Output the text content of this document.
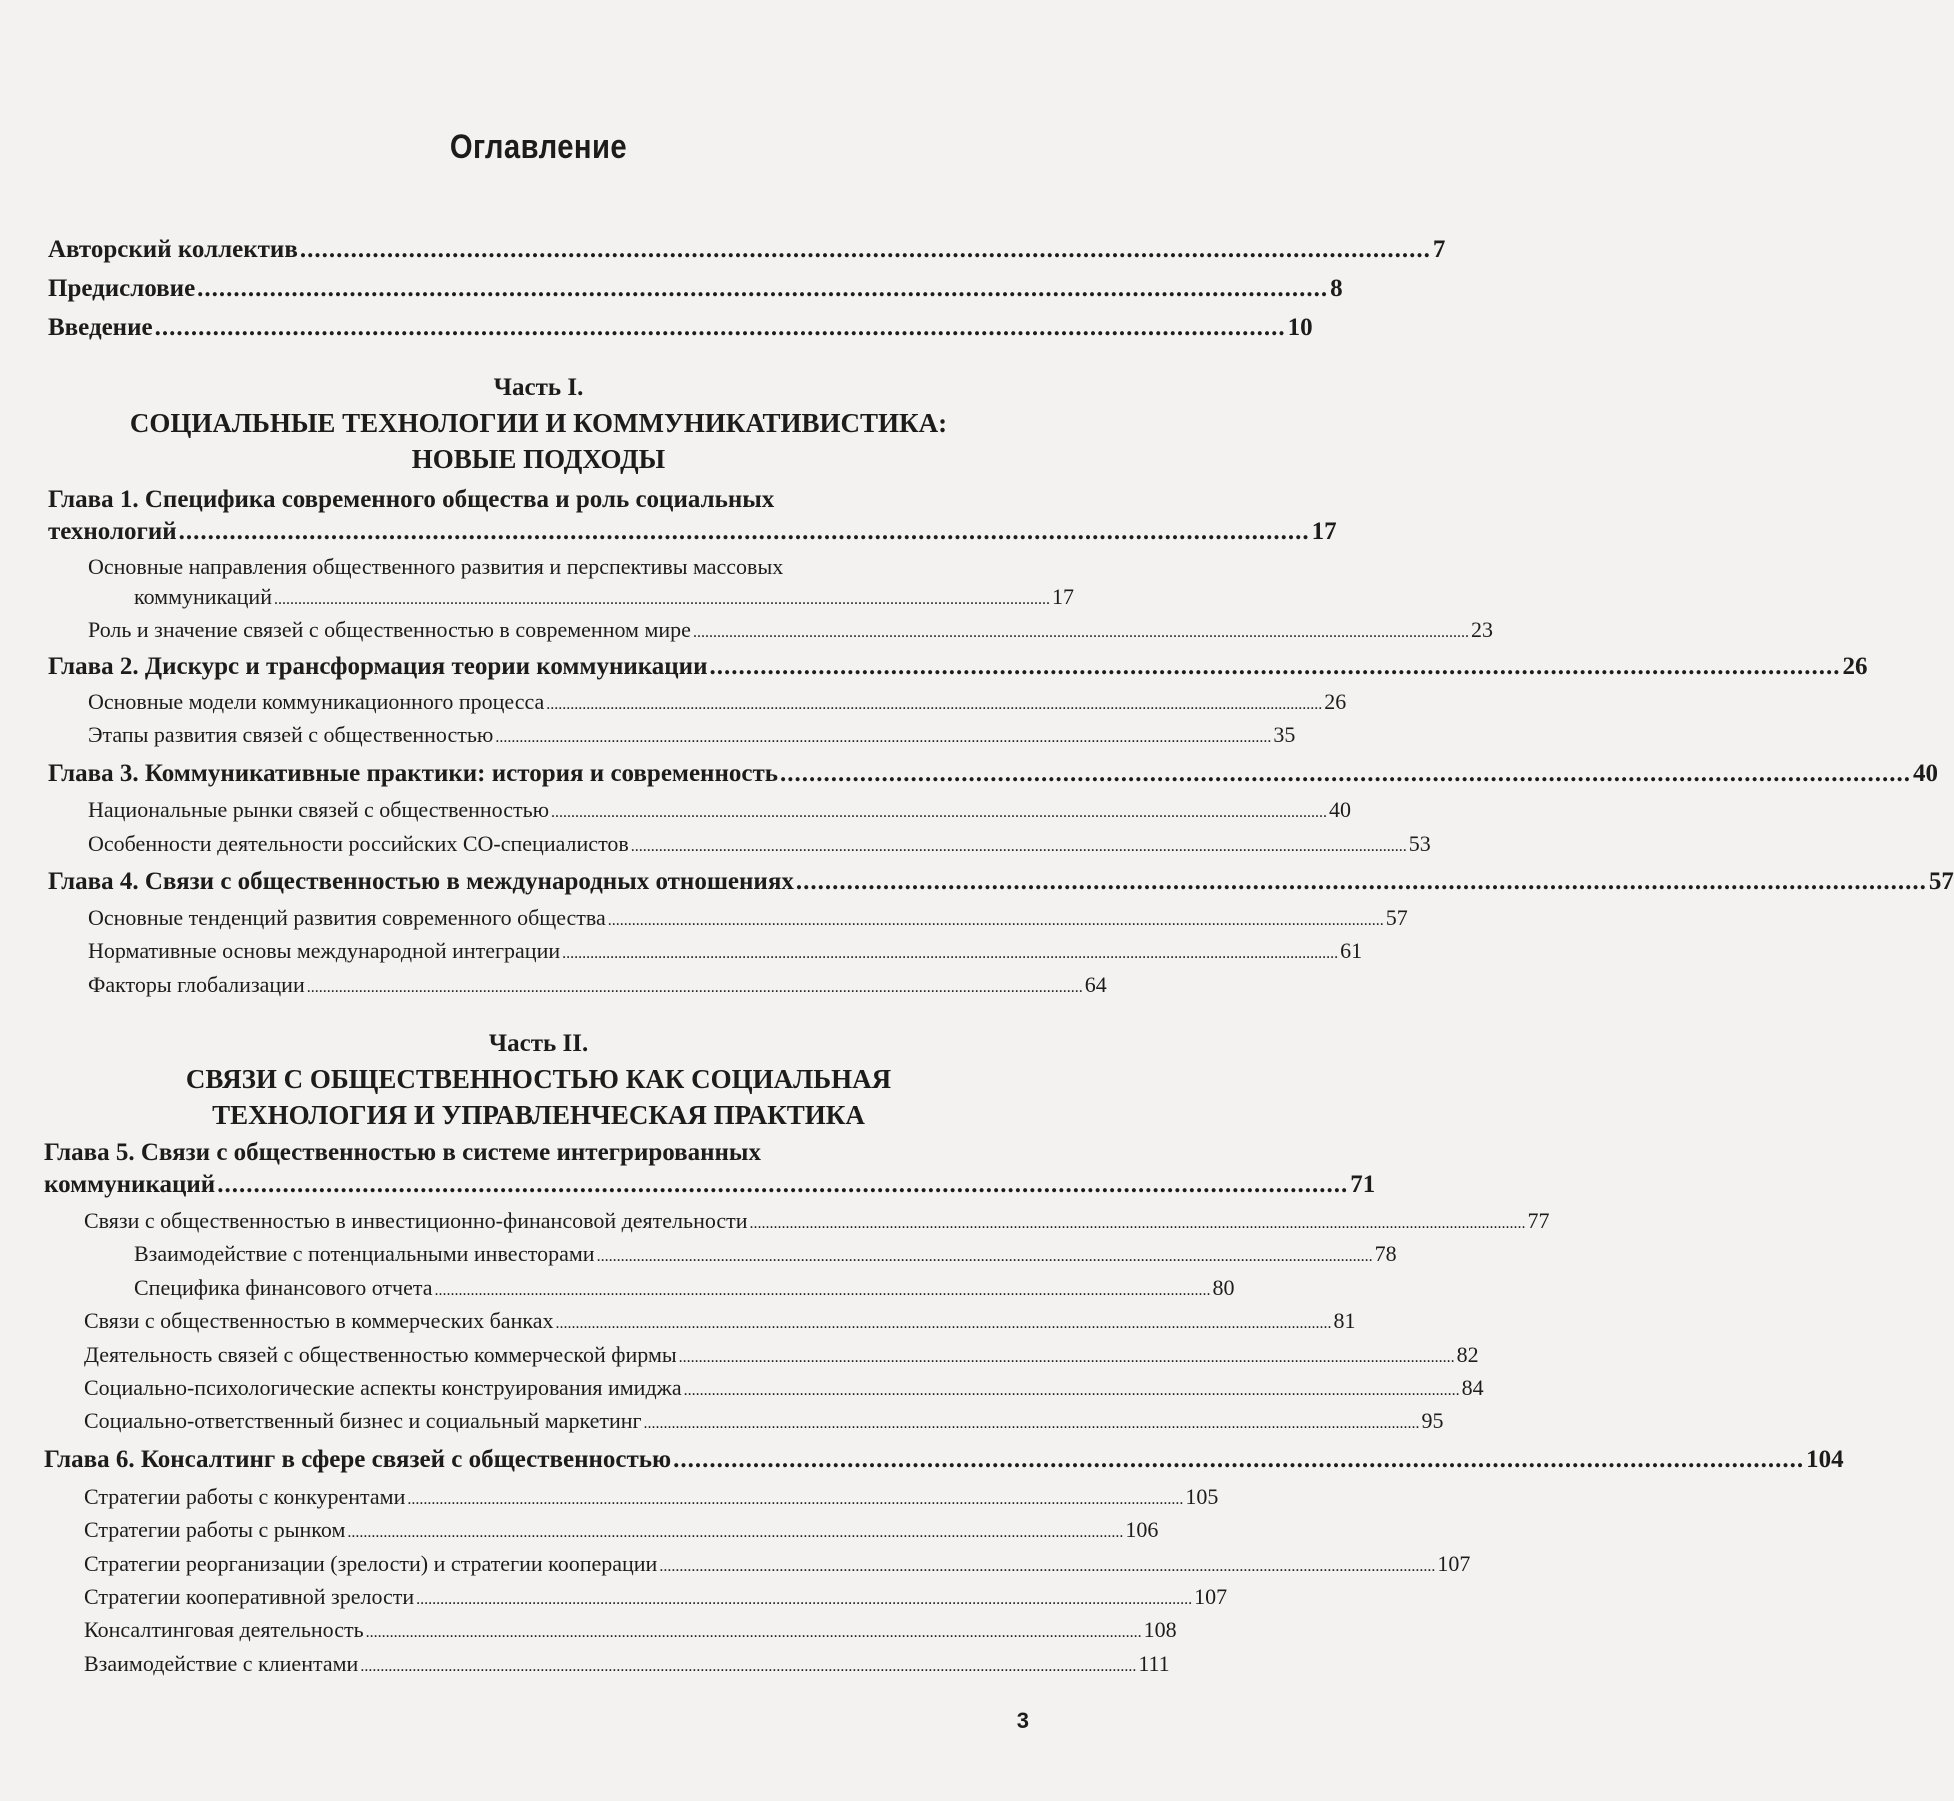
Оглавление
Авторский коллектив ............................................................................................................................................................ 7
Предисловие ............................................................................................................................................................ 8
Введение ............................................................................................................................................................ 10
Часть I.
СОЦИАЛЬНЫЕ ТЕХНОЛОГИИ И КОММУНИКАТИВИСТИКА:
НОВЫЕ ПОДХОДЫ
Глава 1. Специфика современного общества и роль социальных
технологий ............................................................................................................................................................ 17
Основные направления общественного развития и перспективы массовых
коммуникаций .................................................................................................................................................................................................. 17
Роль и значение связей с общественностью в современном мире .................................................................................................................................................................................................. 23
Глава 2. Дискурс и трансформация теории коммуникации ............................................................................................................................................................ 26
Основные модели коммуникационного процесса .................................................................................................................................................................................................. 26
Этапы развития связей с общественностью .................................................................................................................................................................................................. 35
Глава 3. Коммуникативные практики: история и современность ............................................................................................................................................................ 40
Национальные рынки связей с общественностью .................................................................................................................................................................................................. 40
Особенности деятельности российских СО-специалистов .................................................................................................................................................................................................. 53
Глава 4. Связи с общественностью в международных отношениях ............................................................................................................................................................ 57
Основные тенденций развития современного общества .................................................................................................................................................................................................. 57
Нормативные основы международной интеграции .................................................................................................................................................................................................. 61
Факторы глобализации .................................................................................................................................................................................................. 64
Часть II.
СВЯЗИ С ОБЩЕСТВЕННОСТЬЮ КАК СОЦИАЛЬНАЯ
ТЕХНОЛОГИЯ И УПРАВЛЕНЧЕСКАЯ ПРАКТИКА
Глава 5. Связи с общественностью в системе интегрированных
коммуникаций ............................................................................................................................................................ 71
Связи с общественностью в инвестиционно-финансовой деятельности .................................................................................................................................................................................................. 77
Взаимодействие с потенциальными инвесторами .................................................................................................................................................................................................. 78
Специфика финансового отчета .................................................................................................................................................................................................. 80
Связи с общественностью в коммерческих банках .................................................................................................................................................................................................. 81
Деятельность связей с общественностью коммерческой фирмы .................................................................................................................................................................................................. 82
Социально-психологические аспекты конструирования имиджа .................................................................................................................................................................................................. 84
Социально-ответственный бизнес и социальный маркетинг .................................................................................................................................................................................................. 95
Глава 6. Консалтинг в сфере связей с общественностью ............................................................................................................................................................ 104
Стратегии работы с конкурентами .................................................................................................................................................................................................. 105
Стратегии работы с рынком .................................................................................................................................................................................................. 106
Стратегии реорганизации (зрелости) и стратегии кооперации .................................................................................................................................................................................................. 107
Стратегии кооперативной зрелости .................................................................................................................................................................................................. 107
Консалтинговая деятельность .................................................................................................................................................................................................. 108
Взаимодействие с клиентами .................................................................................................................................................................................................. 111
3
